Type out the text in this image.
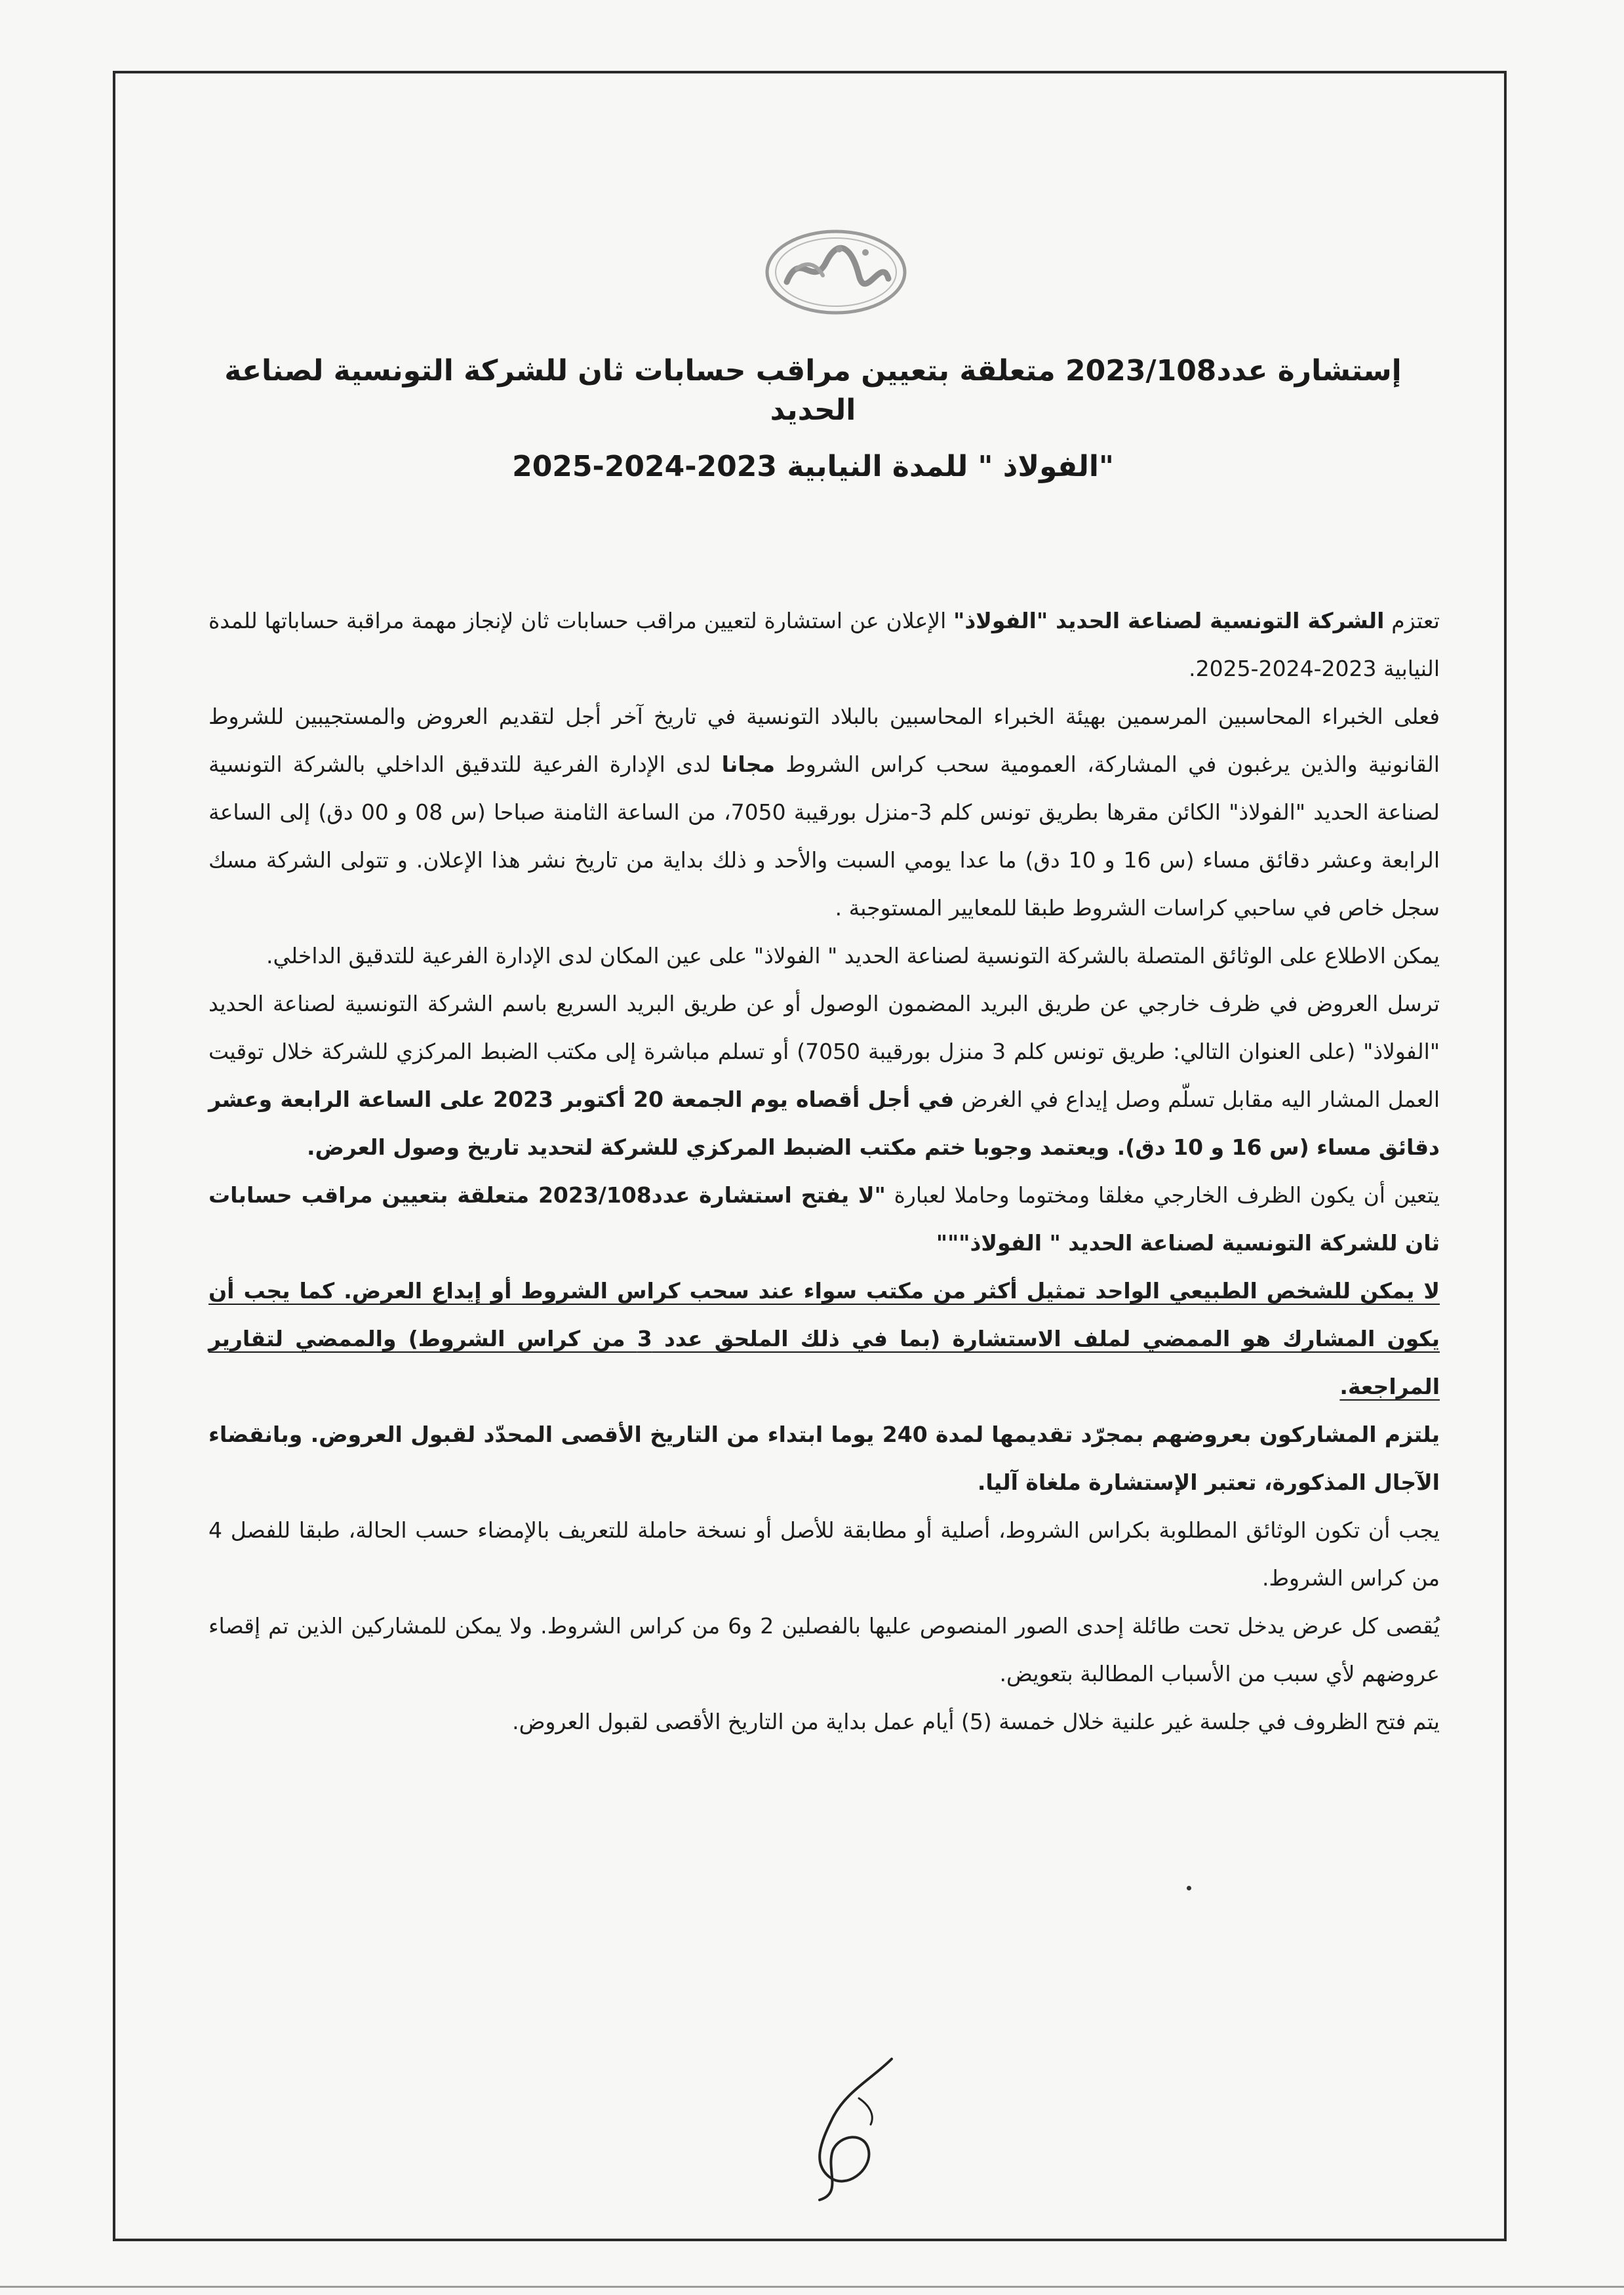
إستشارة عدد2023/108 متعلقة بتعيين مراقب حسابات ثان للشركة التونسية لصناعة الحديد
"الفولاذ " للمدة النيابية 2023-2024-2025

تعتزم الشركة التونسية لصناعة الحديد "الفولاذ" الإعلان عن استشارة لتعيين مراقب حسابات ثان لإنجاز مهمة مراقبة حساباتها للمدة النيابية 2023-2024-2025.

فعلى الخبراء المحاسبين المرسمين بهيئة الخبراء المحاسبين بالبلاد التونسية في تاريخ آخر أجل لتقديم العروض والمستجيبين للشروط القانونية والذين يرغبون في المشاركة، العمومية سحب كراس الشروط مجانا لدى الإدارة الفرعية للتدقيق الداخلي بالشركة التونسية لصناعة الحديد "الفولاذ" الكائن مقرها بطريق تونس كلم 3-منزل بورقيبة 7050، من الساعة الثامنة صباحا (س 08 و 00 دق) إلى الساعة الرابعة وعشر دقائق مساء (س 16 و 10 دق) ما عدا يومي السبت والأحد و ذلك بداية من تاريخ نشر هذا الإعلان. و تتولى الشركة مسك سجل خاص في ساحبي كراسات الشروط طبقا للمعايير المستوجبة .

يمكن الاطلاع على الوثائق المتصلة بالشركة التونسية لصناعة الحديد " الفولاذ" على عين المكان لدى الإدارة الفرعية للتدقيق الداخلي.

ترسل العروض في ظرف خارجي عن طريق البريد المضمون الوصول أو عن طريق البريد السريع باسم الشركة التونسية لصناعة الحديد "الفولاذ" (على العنوان التالي: طريق تونس كلم 3 منزل بورقيبة 7050) أو تسلم مباشرة إلى مكتب الضبط المركزي للشركة خلال توقيت العمل المشار اليه مقابل تسلّم وصل إيداع في الغرض في أجل أقصاه يوم الجمعة 20 أكتوبر 2023 على الساعة الرابعة وعشر دقائق مساء (س 16 و 10 دق). ويعتمد وجوبا ختم مكتب الضبط المركزي للشركة لتحديد تاريخ وصول العرض.

يتعين أن يكون الظرف الخارجي مغلقا ومختوما وحاملا لعبارة "لا يفتح استشارة عدد2023/108 متعلقة بتعيين مراقب حسابات ثان للشركة التونسية لصناعة الحديد " الفولاذ"""

لا يمكن للشخص الطبيعي الواحد تمثيل أكثر من مكتب سواء عند سحب كراس الشروط أو إيداع العرض. كما يجب أن يكون المشارك هو الممضي لملف الاستشارة (بما في ذلك الملحق عدد 3 من كراس الشروط) والممضي لتقارير المراجعة.

يلتزم المشاركون بعروضهم بمجرّد تقديمها لمدة 240 يوما ابتداء من التاريخ الأقصى المحدّد لقبول العروض. وبانقضاء الآجال المذكورة، تعتبر الإستشارة ملغاة آليا.

يجب أن تكون الوثائق المطلوبة بكراس الشروط، أصلية أو مطابقة للأصل أو نسخة حاملة للتعريف بالإمضاء حسب الحالة، طبقا للفصل 4 من كراس الشروط.

يُقصى كل عرض يدخل تحت طائلة إحدى الصور المنصوص عليها بالفصلين 2 و6 من كراس الشروط. ولا يمكن للمشاركين الذين تم إقصاء عروضهم لأي سبب من الأسباب المطالبة بتعويض.

يتم فتح الظروف في جلسة غير علنية خلال خمسة (5) أيام عمل بداية من التاريخ الأقصى لقبول العروض.
